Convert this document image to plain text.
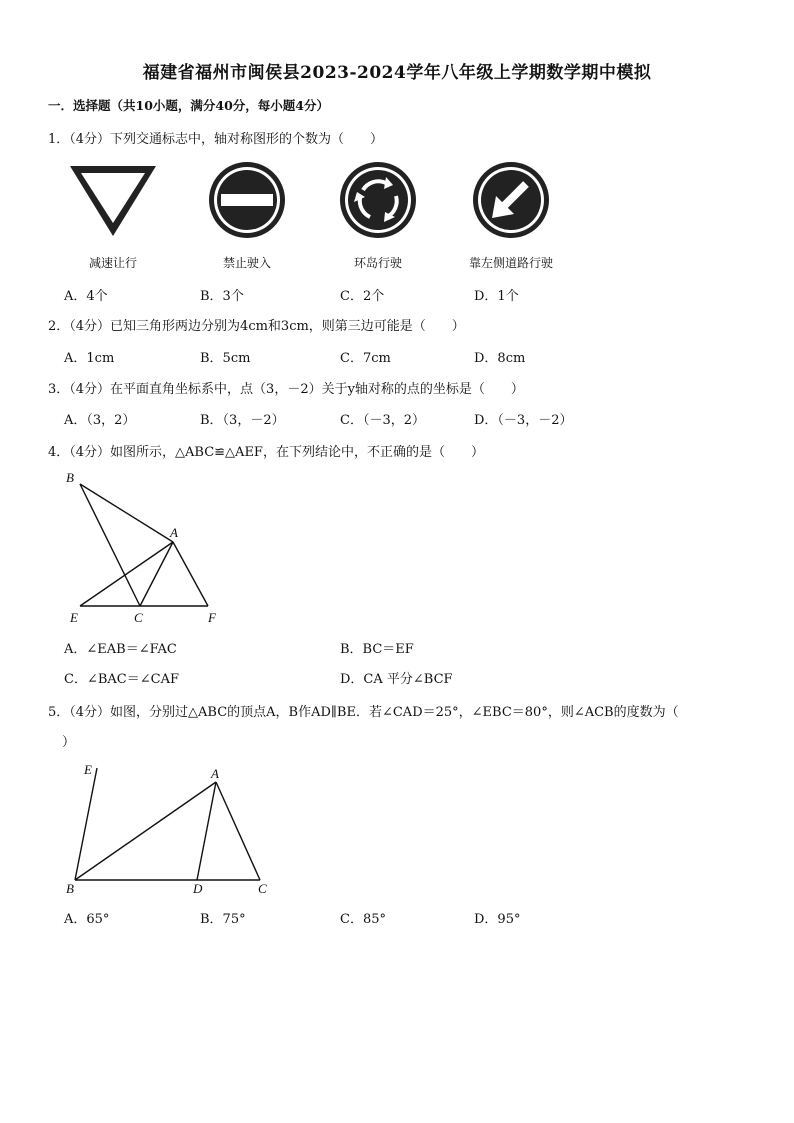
福建省福州市闽侯县2023-2024学年八年级上学期数学期中模拟
一．选择题（共10小题，满分40分，每小题4分）
1．（4分）下列交通标志中，轴对称图形的个数为（　　）
减速让行	禁止驶入	环岛行驶	靠左侧道路行驶
A．4个	B．3个	C．2个	D．1个
2．（4分）已知三角形两边分别为4cm和3cm，则第三边可能是（　　）
A．1cm	B．5cm	C．7cm	D．8cm
3．（4分）在平面直角坐标系中，点（3，－2）关于y轴对称的点的坐标是（　　）
A．（3，2）	B．（3，－2）	C．（－3，2）	D．（－3，－2）
4．（4分）如图所示，△ABC≌△AEF，在下列结论中，不正确的是（　　）
B
A
E	C	F
A．∠EAB＝∠FAC	B．BC＝EF
C．∠BAC＝∠CAF	D．CA 平分∠BCF
5．（4分）如图，分别过△ABC的顶点A，B作AD∥BE．若∠CAD＝25°，∠EBC＝80°，则∠ACB的度数为（
）
E	A
B	D	C
A．65°	B．75°	C．85°	D．95°
